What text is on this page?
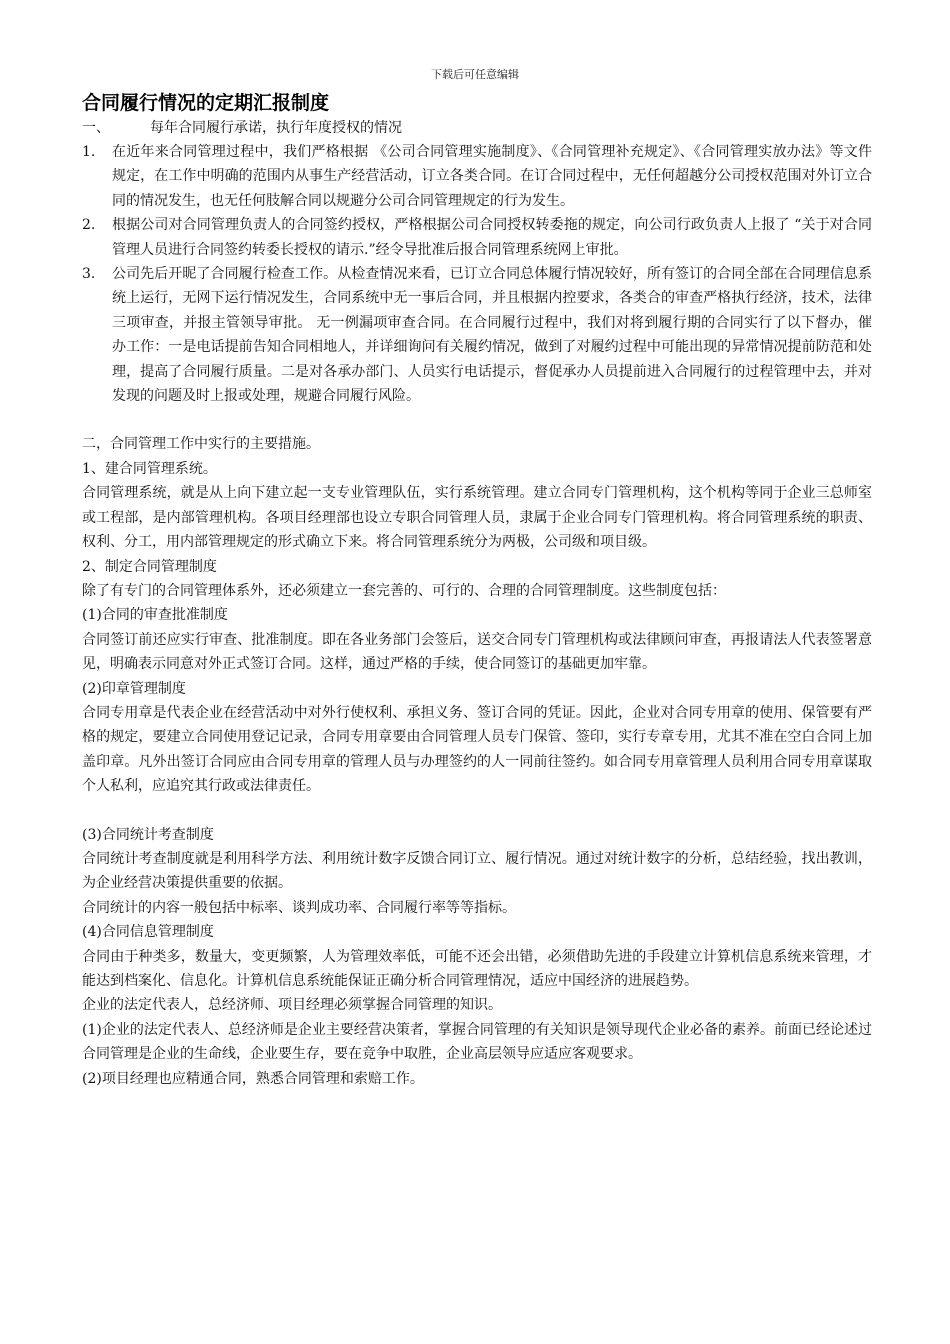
下载后可任意编辑
合同履行情况的定期汇报制度
一、	每年合同履行承诺，执行年度授权的情况
1.	在近年来合同管理过程中，我们严格根据 《公司合同管理实施制度》、《合同管理补充规定》、《合同管理实放办法》等文件规定，在工作中明确的范围内从事生产经营活动，订立各类合同。在订合同过程中，无任何超越分公司授权范围对外订立合同的情况发生，也无任何肢解合同以规避分公司合同管理规定的行为发生。
2.	根据公司对合同管理负责人的合同签约授权，严格根据公司合同授权转委拖的规定，向公司行政负责人上报了 “关于对合同管理人员进行合同签约转委长授权的请示.”经令导批准后报合同管理系统网上审批。
3.	公司先后开昵了合同履行检查工作。从检查情况来看，已订立合同总体履行情况较好，所有签订的合同全部在合同理信息系统上运行，无网下运行情况发生，合同系统中无一事后合同，并且根据内控要求，各类合的审查严格执行经济，技术，法律三项审查，并报主管领导审批。 无一例漏项审查合同。在合同履行过程中，我们对将到履行期的合同实行了以下督办，催办工作：一是电话提前告知合同相地人，并详细询问有关履约情况，做到了对履约过程中可能出现的异常情况提前防范和处理，提高了合同履行质量。二是对各承办部门、人员实行电话提示，督促承办人员提前进入合同履行的过程管理中去，并对发现的问题及时上报或处理，规避合同履行风险。

二，合同管理工作中实行的主要措施。

1、建合同管理系统。

合同管理系统，就是从上向下建立起一支专业管理队伍，实行系统管理。建立合同专门管理机构，这个机构等同于企业三总师室或工程部，是内部管理机构。各项目经理部也设立专职合同管理人员，隶属于企业合同专门管理机构。将合同管理系统的职责、权利、分工，用内部管理规定的形式确立下来。将合同管理系统分为两极，公司级和项目级。

2、制定合同管理制度

除了有专门的合同管理体系外，还必须建立一套完善的、可行的、合理的合同管理制度。这些制度包括：

(1)合同的审查批准制度

合同签订前还应实行审查、批准制度。即在各业务部门会签后，送交合同专门管理机构或法律顾问审查，再报请法人代表签署意见，明确表示同意对外正式签订合同。这样，通过严格的手续，使合同签订的基础更加牢靠。

(2)印章管理制度

合同专用章是代表企业在经营活动中对外行使权利、承担义务、签订合同的凭证。因此，企业对合同专用章的使用、保管要有严格的规定，要建立合同使用登记记录，合同专用章要由合同管理人员专门保管、签印，实行专章专用，尤其不准在空白合同上加盖印章。凡外出签订合同应由合同专用章的管理人员与办理签约的人一同前往签约。如合同专用章管理人员利用合同专用章谋取个人私利，应追究其行政或法律责任。

(3)合同统计考查制度

合同统计考查制度就是利用科学方法、利用统计数字反馈合同订立、履行情况。通过对统计数字的分析，总结经验，找出教训，为企业经营决策提供重要的依据。

合同统计的内容一般包括中标率、谈判成功率、合同履行率等等指标。

(4)合同信息管理制度

合同由于种类多，数量大，变更频繁，人为管理效率低，可能不还会出错，必须借助先进的手段建立计算机信息系统来管理，才能达到档案化、信息化。计算机信息系统能保证正确分析合同管理情况，适应中国经济的进展趋势。

企业的法定代表人，总经济师、项目经理必须掌握合同管理的知识。

(1)企业的法定代表人、总经济师是企业主要经营决策者，掌握合同管理的有关知识是领导现代企业必备的素养。前面已经论述过合同管理是企业的生命线，企业要生存，要在竞争中取胜，企业高层领导应适应客观要求。

(2)项目经理也应精通合同，熟悉合同管理和索赔工作。
